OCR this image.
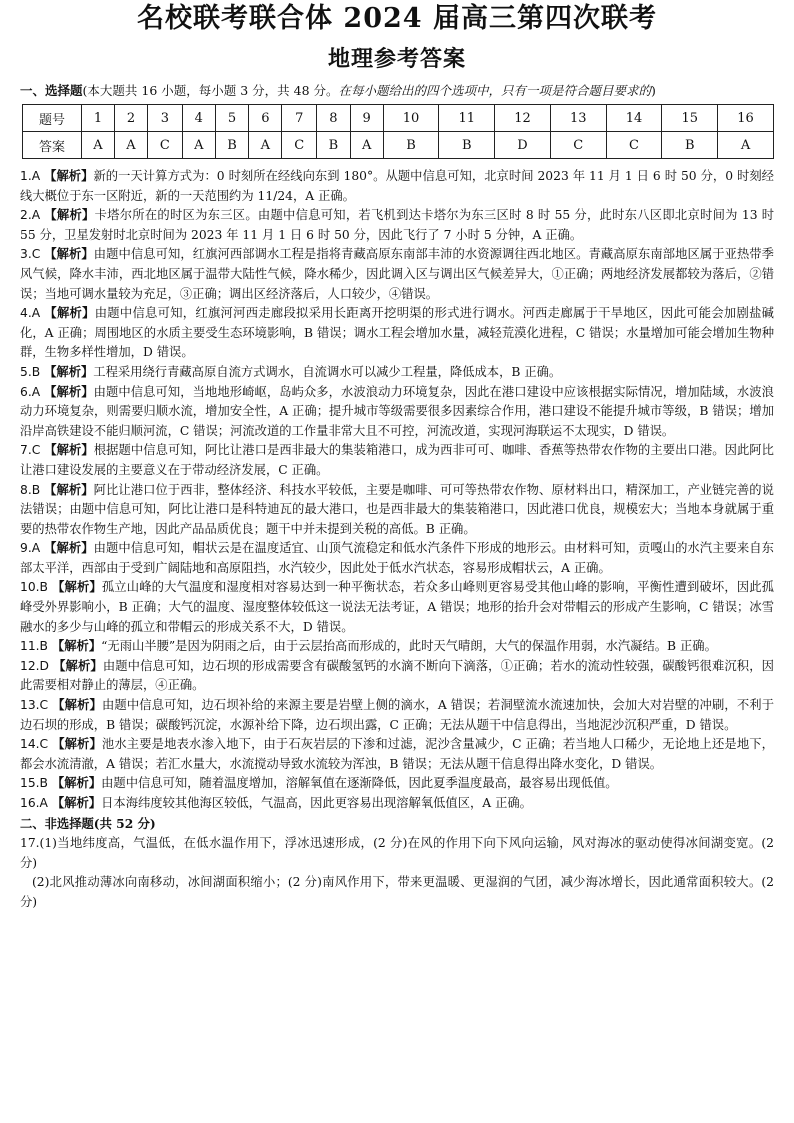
名校联考联合体 2024 届高三第四次联考
地理参考答案

一、选择题(本大题共 16 小题，每小题 3 分，共 48 分。在每小题给出的四个选项中，只有一项是符合题目要求的)

题号	1	2	3	4	5	6	7	8	9	10	11	12	13	14	15	16
答案	A	A	C	A	B	A	C	B	A	B	B	D	C	C	B	A

1.A 【解析】新的一天计算方式为：0 时刻所在经线向东到 180°。从题中信息可知，北京时间 2023 年 11 月 1 日 6 时 50 分，0 时刻经线大概位于东一区附近，新的一天范围约为 11/24，A 正确。

2.A 【解析】卡塔尔所在的时区为东三区。由题中信息可知，若飞机到达卡塔尔为东三区时 8 时 55 分，此时东八区即北京时间为 13 时 55 分，卫星发射时北京时间为 2023 年 11 月 1 日 6 时 50 分，因此飞行了 7 小时 5 分钟，A 正确。

3.C 【解析】由题中信息可知，红旗河西部调水工程是指将青藏高原东南部丰沛的水资源调往西北地区。青藏高原东南部地区属于亚热带季风气候，降水丰沛，西北地区属于温带大陆性气候，降水稀少，因此调入区与调出区气候差异大，①正确；两地经济发展都较为落后，②错误；当地可调水量较为充足，③正确；调出区经济落后，人口较少，④错误。

4.A 【解析】由题中信息可知，红旗河河西走廊段拟采用长距离开挖明渠的形式进行调水。河西走廊属于干旱地区，因此可能会加剧盐碱化，A 正确；周围地区的水质主要受生态环境影响，B 错误；调水工程会增加水量，减轻荒漠化进程，C 错误；水量增加可能会增加生物种群，生物多样性增加，D 错误。

5.B 【解析】工程采用绕行青藏高原自流方式调水，自流调水可以减少工程量，降低成本，B 正确。

6.A 【解析】由题中信息可知，当地地形崎岖，岛屿众多，水波浪动力环境复杂，因此在港口建设中应该根据实际情况，增加陆域，水波浪动力环境复杂，则需要归顺水流，增加安全性，A 正确；提升城市等级需要很多因素综合作用，港口建设不能提升城市等级，B 错误；增加沿岸高铁建设不能归顺河流，C 错误；河流改道的工作量非常大且不可控，河流改道，实现河海联运不太现实，D 错误。

7.C 【解析】根据题中信息可知，阿比让港口是西非最大的集装箱港口，成为西非可可、咖啡、香蕉等热带农作物的主要出口港。因此阿比让港口建设发展的主要意义在于带动经济发展，C 正确。

8.B 【解析】阿比让港口位于西非，整体经济、科技水平较低，主要是咖啡、可可等热带农作物、原材料出口，精深加工，产业链完善的说法错误；由题中信息可知，阿比让港口是科特迪瓦的最大港口，也是西非最大的集装箱港口，因此港口优良，规模宏大；当地本身就属于重要的热带农作物生产地，因此产品品质优良；题干中并未提到关税的高低。B 正确。

9.A 【解析】由题中信息可知，帽状云是在温度适宜、山顶气流稳定和低水汽条件下形成的地形云。由材料可知，贡嘎山的水汽主要来自东部太平洋，西部由于受到广阔陆地和高原阻挡，水汽较少，因此处于低水汽状态，容易形成帽状云，A 正确。

10.B 【解析】孤立山峰的大气温度和湿度相对容易达到一种平衡状态，若众多山峰则更容易受其他山峰的影响，平衡性遭到破坏，因此孤峰受外界影响小，B 正确；大气的温度、湿度整体较低这一说法无法考证，A 错误；地形的抬升会对带帽云的形成产生影响，C 错误；冰雪融水的多少与山峰的孤立和带帽云的形成关系不大，D 错误。

11.B 【解析】“无雨山半腰”是因为阴雨之后，由于云层抬高而形成的，此时天气晴朗，大气的保温作用弱，水汽凝结。B 正确。

12.D 【解析】由题中信息可知，边石坝的形成需要含有碳酸氢钙的水滴不断向下滴落，①正确；若水的流动性较强，碳酸钙很难沉积，因此需要相对静止的薄层，④正确。

13.C 【解析】由题中信息可知，边石坝补给的来源主要是岩壁上侧的滴水，A 错误；若洞壁流水流速加快，会加大对岩壁的冲刷，不利于边石坝的形成，B 错误；碳酸钙沉淀，水源补给下降，边石坝出露，C 正确；无法从题干中信息得出，当地泥沙沉积严重，D 错误。

14.C 【解析】池水主要是地表水渗入地下，由于石灰岩层的下渗和过滤，泥沙含量减少，C 正确；若当地人口稀少，无论地上还是地下，都会水流清澈，A 错误；若汇水量大，水流搅动导致水流较为浑浊，B 错误；无法从题干信息得出降水变化，D 错误。

15.B 【解析】由题中信息可知，随着温度增加，溶解氧值在逐渐降低，因此夏季温度最高，最容易出现低值。

16.A 【解析】日本海纬度较其他海区较低，气温高，因此更容易出现溶解氧低值区，A 正确。

二、非选择题(共 52 分)

17.(1)当地纬度高，气温低，在低水温作用下，浮冰迅速形成，(2 分)在风的作用下向下风向运输，风对海冰的驱动使得冰间湖变宽。(2 分)

(2)北风推动薄冰向南移动，冰间湖面积缩小；(2 分)南风作用下，带来更温暖、更湿润的气团，减少海冰增长，因此通常面积较大。(2 分)
